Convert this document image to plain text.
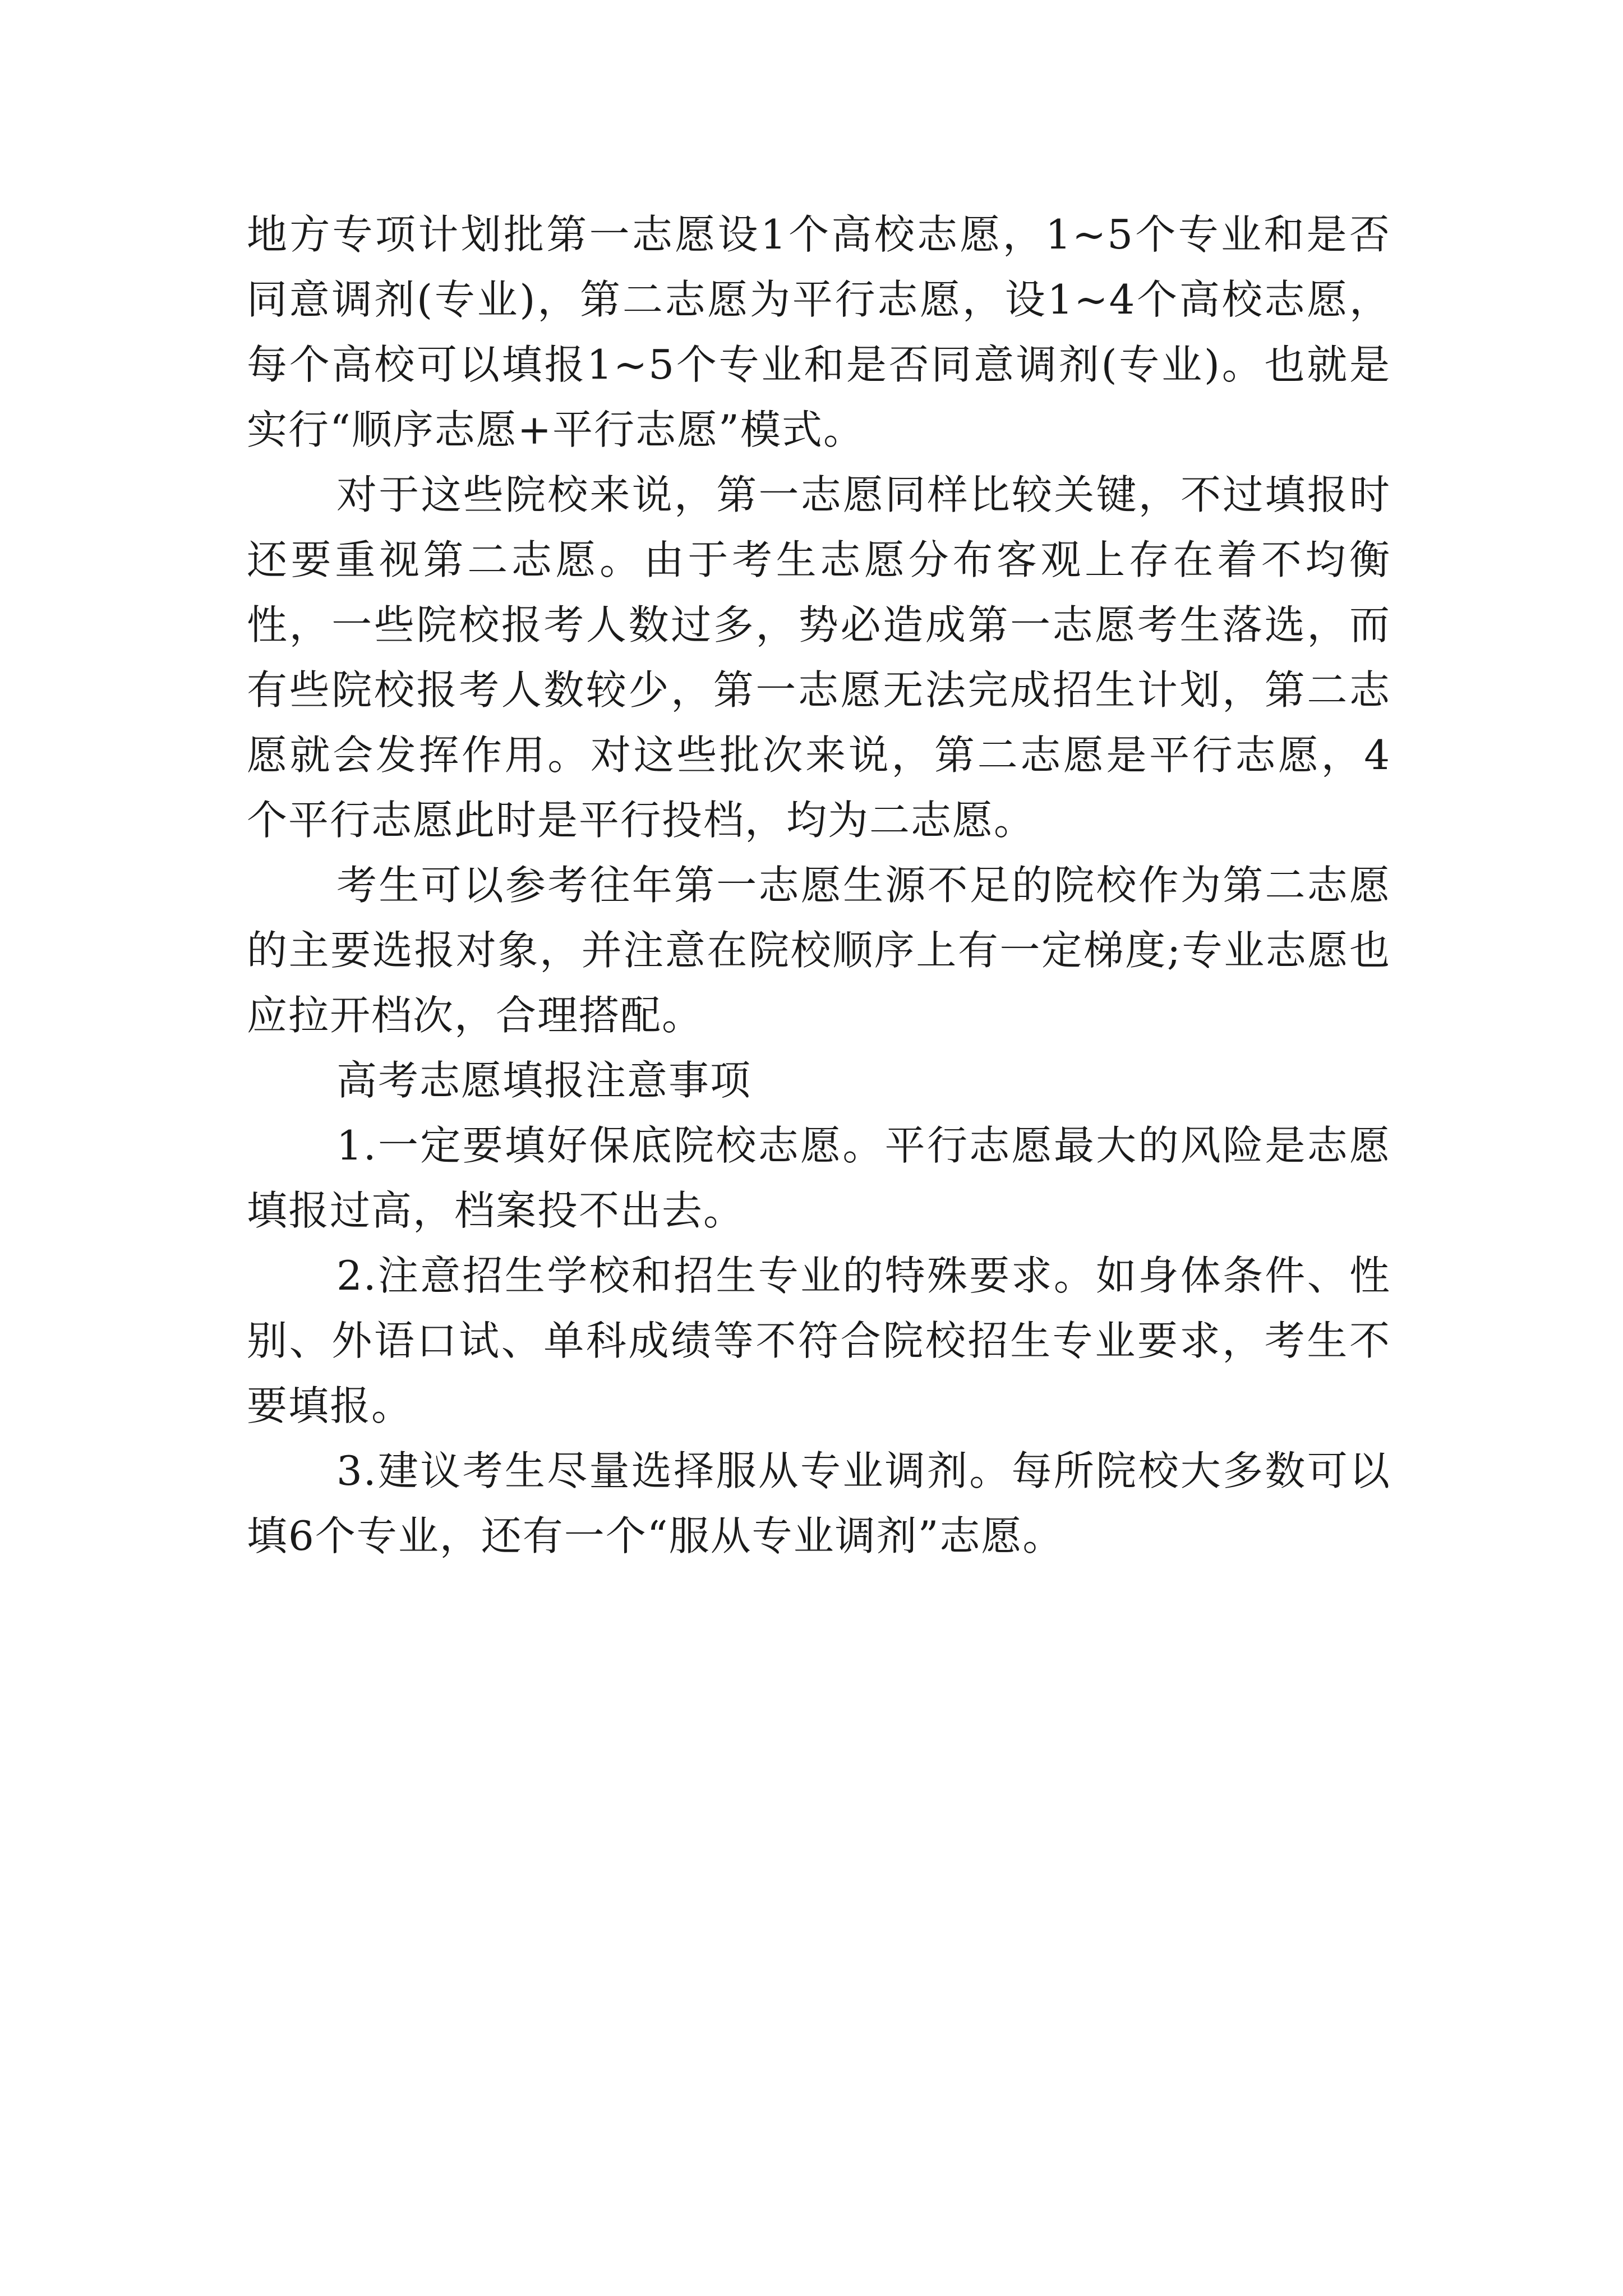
地方专项计划批第一志愿设1个高校志愿，1~5个专业和是否同意调剂(专业)，第二志愿为平行志愿，设1~4个高校志愿，每个高校可以填报1~5个专业和是否同意调剂(专业)。也就是实行“顺序志愿+平行志愿”模式。

对于这些院校来说，第一志愿同样比较关键，不过填报时还要重视第二志愿。由于考生志愿分布客观上存在着不均衡性，一些院校报考人数过多，势必造成第一志愿考生落选，而有些院校报考人数较少，第一志愿无法完成招生计划，第二志愿就会发挥作用。对这些批次来说，第二志愿是平行志愿，4个平行志愿此时是平行投档，均为二志愿。

考生可以参考往年第一志愿生源不足的院校作为第二志愿的主要选报对象，并注意在院校顺序上有一定梯度;专业志愿也应拉开档次，合理搭配。

高考志愿填报注意事项

1.一定要填好保底院校志愿。平行志愿最大的风险是志愿填报过高，档案投不出去。

2.注意招生学校和招生专业的特殊要求。如身体条件、性别、外语口试、单科成绩等不符合院校招生专业要求，考生不要填报。

3.建议考生尽量选择服从专业调剂。每所院校大多数可以填6个专业，还有一个“服从专业调剂”志愿。
